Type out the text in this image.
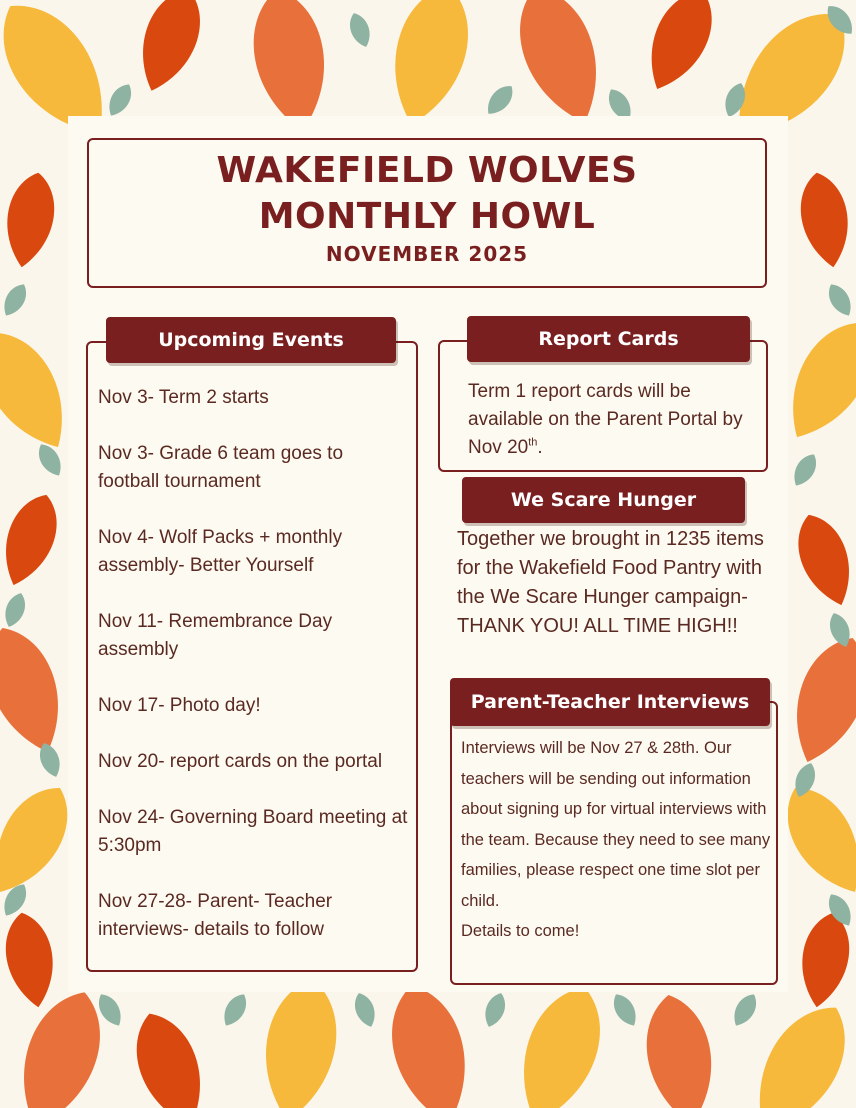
WAKEFIELD WOLVES
MONTHLY HOWL
NOVEMBER 2025
Upcoming Events
Nov 3- Term 2 starts
Nov 3- Grade 6 team goes to football tournament
Nov 4- Wolf Packs + monthly assembly- Better Yourself
Nov 11- Remembrance Day assembly
Nov 17- Photo day!
Nov 20- report cards on the portal
Nov 24- Governing Board meeting at 5:30pm
Nov 27-28- Parent- Teacher interviews- details to follow
Report Cards
Term 1 report cards will be available on the Parent Portal by Nov 20th.
We Scare Hunger
Together we brought in 1235 items for the Wakefield Food Pantry with the We Scare Hunger campaign- THANK YOU! ALL TIME HIGH!!
Parent-Teacher Interviews
Interviews will be Nov 27 & 28th. Our teachers will be sending out information about signing up for virtual interviews with the team. Because they need to see many families, please respect one time slot per child.
Details to come!
